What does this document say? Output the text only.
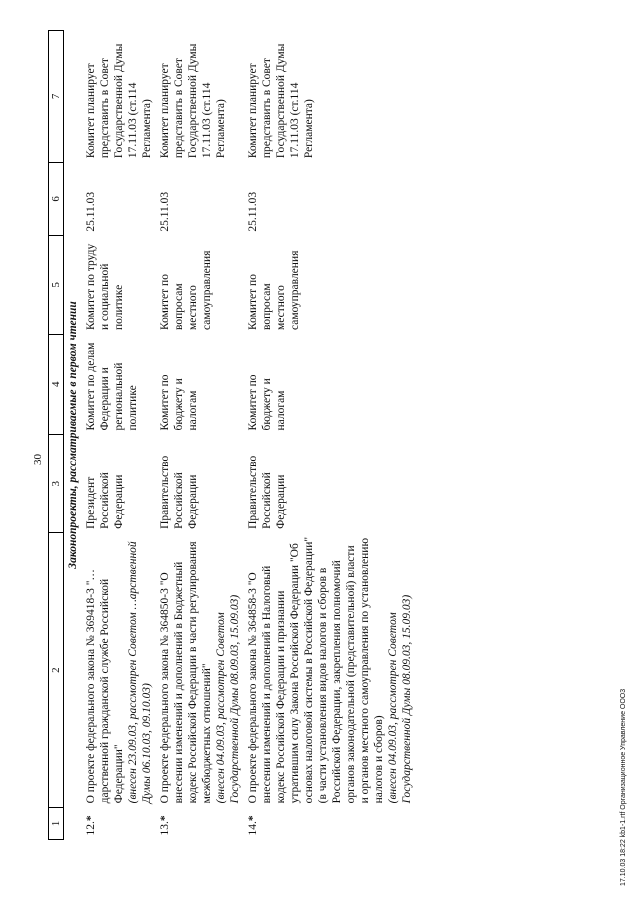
30
1	2	3	4	5	6	7
Законопроекты, рассматриваемые в первом чтении						
12.*	О проекте федерального закона № 369418-3 "…дарственной гражданской службе Российской Федерации" (внесен 23.09.03, рассмотрен Советом …арственной Думы 06.10.03, 09.10.03)	Президент Российской Федерации	Комитет по делам Федерации и региональной политике	Комитет по труду и социальной политике	25.11.03	Комитет планирует представить в Совет Государственной Думы 17.11.03 (ст.114 Регламента)
13.*	О проекте федерального закона № 364850-3 "О внесении изменений и дополнений в Бюджетный кодекс Российской Федерации в части регулирования межбюджетных отношений" (внесен 04.09.03, рассмотрен Советом Государственной Думы 08.09.03, 15.09.03)	Правительство Российской Федерации	Комитет по бюджету и налогам	Комитет по вопросам местного самоуправления	25.11.03	Комитет планирует представить в Совет Государственной Думы 17.11.03 (ст.114 Регламента)
14.*	О проекте федерального закона № 364858-3 "О внесении изменений и дополнений в Налоговый кодекс Российской Федерации и признании утратившим силу Закона Российской Федерации "Об основах налоговой системы в Российской Федерации" (в части установления видов налогов и сборов в Российской Федерации, закрепления полномочий органов законодательной (представительной) власти и органов местного самоуправления по установлению налогов и сборов) (внесен 04.09.03, рассмотрен Советом Государственной Думы 08.09.03, 15.09.03)	Правительство Российской Федерации	Комитет по бюджету и налогам	Комитет по вопросам местного самоуправления	25.11.03	Комитет планирует представить в Совет Государственной Думы 17.11.03 (ст.114 Регламента)
17.10.03 18:22 kb1-1.rtf Организационное Управление ООО3
